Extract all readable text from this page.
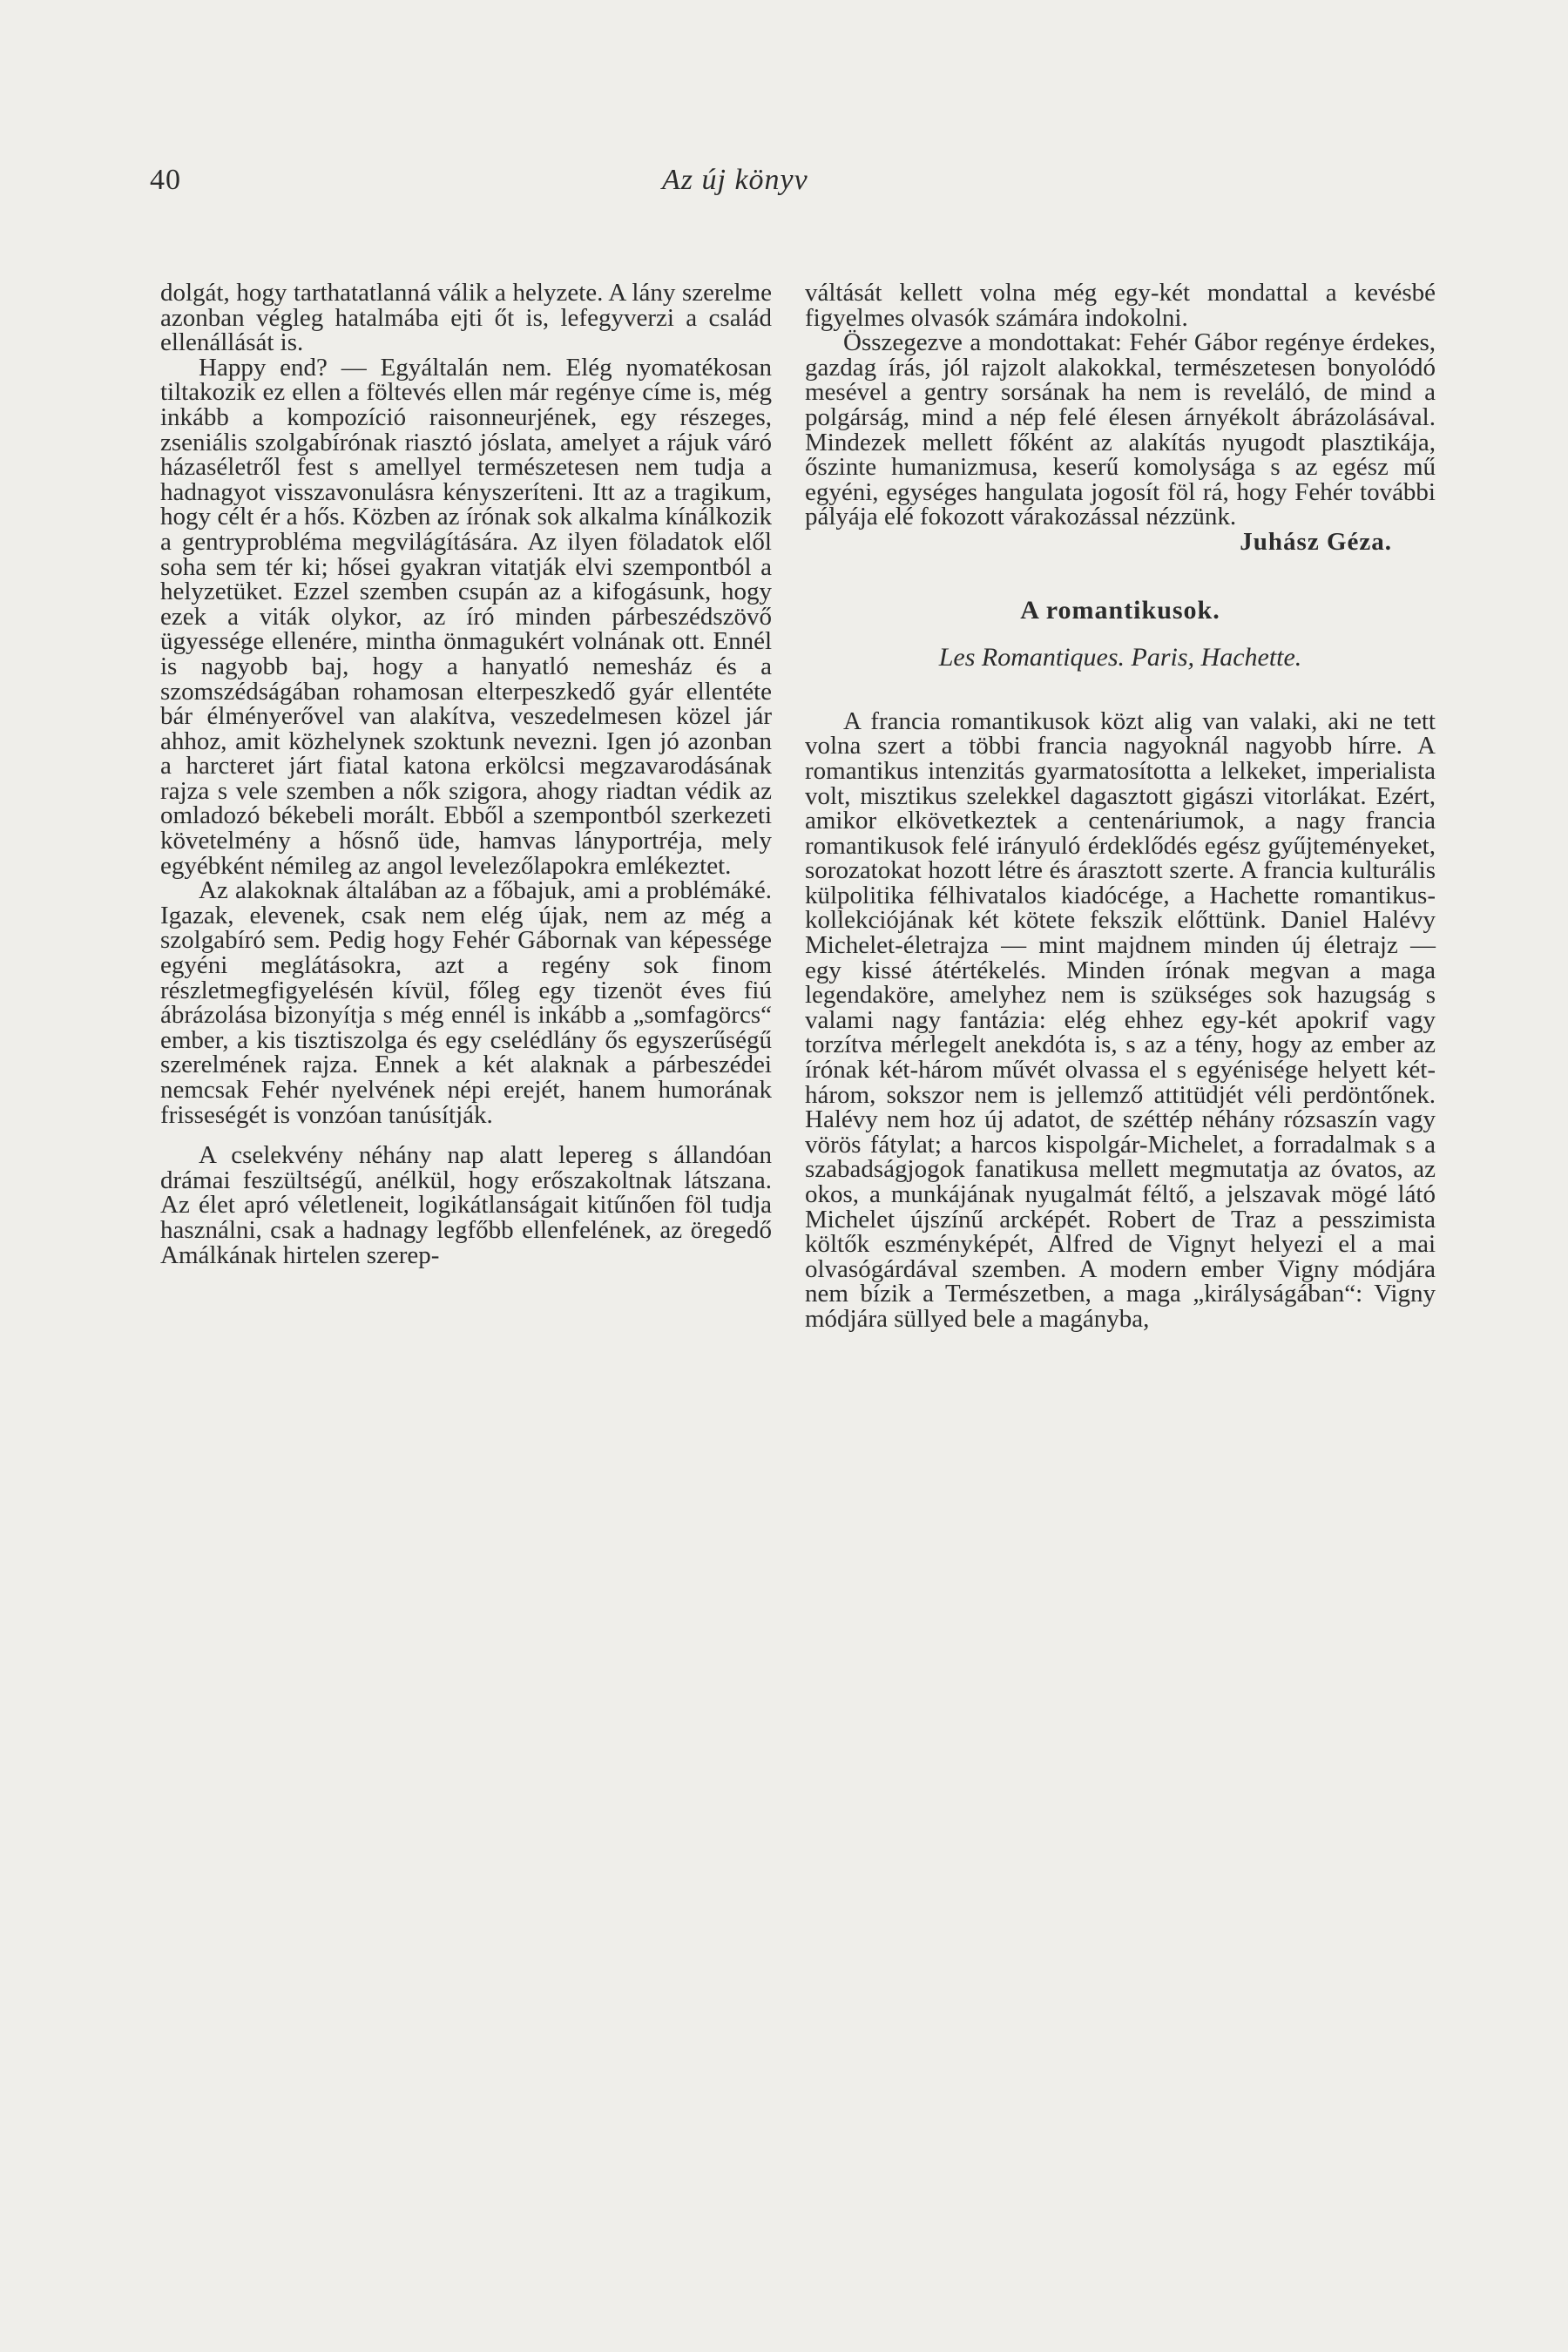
40	Az új könyv

dolgát, hogy tarthatatlanná válik a helyzete. A lány szerelme azonban végleg hatalmába ejti őt is, lefegyverzi a család ellenállását is.

Happy end? — Egyáltalán nem. Elég nyomatékosan tiltakozik ez ellen a föltevés ellen már regénye címe is, még inkább a kompozíció raisonneurjének, egy részeges, zseniális szolgabírónak riasztó jóslata, amelyet a rájuk váró házaséletről fest s amellyel természetesen nem tudja a hadnagyot visszavonulásra kényszeríteni. Itt az a tragikum, hogy célt ér a hős. Közben az írónak sok alkalma kínálkozik a gentryprobléma megvilágítására. Az ilyen föladatok elől soha sem tér ki; hősei gyakran vitatják elvi szempontból a helyzetüket. Ezzel szemben csupán az a kifogásunk, hogy ezek a viták olykor, az író minden párbeszédszövő ügyessége ellenére, mintha önmagukért volnának ott. Ennél is nagyobb baj, hogy a hanyatló nemesház és a szomszédságában rohamosan elterpeszkedő gyár ellentéte bár élményerővel van alakítva, veszedelmesen közel jár ahhoz, amit közhelynek szoktunk nevezni. Igen jó azonban a harcteret járt fiatal katona erkölcsi megzavarodásának rajza s vele szemben a nők szigora, ahogy riadtan védik az omladozó békebeli morált. Ebből a szempontból szerkezeti követelmény a hősnő üde, hamvas lányportréja, mely egyébként némileg az angol levelezőlapokra emlékeztet.

Az alakoknak általában az a főbajuk, ami a problémáké. Igazak, elevenek, csak nem elég újak, nem az még a szolgabíró sem. Pedig hogy Fehér Gábornak van képessége egyéni meglátásokra, azt a regény sok finom részletmegfigyelésén kívül, főleg egy tizenöt éves fiú ábrázolása bizonyítja s még ennél is inkább a „somfagörcs“ ember, a kis tisztiszolga és egy cselédlány ős egyszerűségű szerelmének rajza. Ennek a két alaknak a párbeszédei nemcsak Fehér nyelvének népi erejét, hanem humorának frisseségét is vonzóan tanúsítják.

A cselekvény néhány nap alatt lepereg s állandóan drámai feszültségű, anélkül, hogy erőszakoltnak látszana. Az élet apró véletleneit, logikátlanságait kitűnően föl tudja használni, csak a hadnagy legfőbb ellenfelének, az öregedő Amálkának hirtelen szerep-

váltását kellett volna még egy-két mondattal a kevésbé figyelmes olvasók számára indokolni.

Összegezve a mondottakat: Fehér Gábor regénye érdekes, gazdag írás, jól rajzolt alakokkal, természetesen bonyolódó mesével a gentry sorsának ha nem is reveláló, de mind a polgárság, mind a nép felé élesen árnyékolt ábrázolásával. Mindezek mellett főként az alakítás nyugodt plasztikája, őszinte humanizmusa, keserű komolysága s az egész mű egyéni, egységes hangulata jogosít föl rá, hogy Fehér további pályája elé fokozott várakozással nézzünk.

Juhász Géza.

A romantikusok.
Les Romantiques. Paris, Hachette.

A francia romantikusok közt alig van valaki, aki ne tett volna szert a többi francia nagyoknál nagyobb hírre. A romantikus intenzitás gyarmatosította a lelkeket, imperialista volt, misztikus szelekkel dagasztott gigászi vitorlákat. Ezért, amikor elkövetkeztek a centenáriumok, a nagy francia romantikusok felé irányuló érdeklődés egész gyűjteményeket, sorozatokat hozott létre és árasztott szerte. A francia kulturális külpolitika félhivatalos kiadócége, a Hachette romantikus-kollekciójának két kötete fekszik előttünk. Daniel Halévy Michelet-életrajza — mint majdnem minden új életrajz — egy kissé átértékelés. Minden írónak megvan a maga legendaköre, amelyhez nem is szükséges sok hazugság s valami nagy fantázia: elég ehhez egy-két apokrif vagy torzítva mérlegelt anekdóta is, s az a tény, hogy az ember az írónak két-három művét olvassa el s egyénisége helyett két-három, sokszor nem is jellemző attitüdjét véli perdöntőnek. Halévy nem hoz új adatot, de széttép néhány rózsaszín vagy vörös fátylat; a harcos kispolgár-Michelet, a forradalmak s a szabadságjogok fanatikusa mellett megmutatja az óvatos, az okos, a munkájának nyugalmát féltő, a jelszavak mögé látó Michelet újszínű arcképét. Robert de Traz a pesszimista költők eszményképét, Alfred de Vignyt helyezi el a mai olvasógárdával szemben. A modern ember Vigny módjára nem bízik a Természetben, a maga „királyságában“: Vigny módjára süllyed bele a magányba,
